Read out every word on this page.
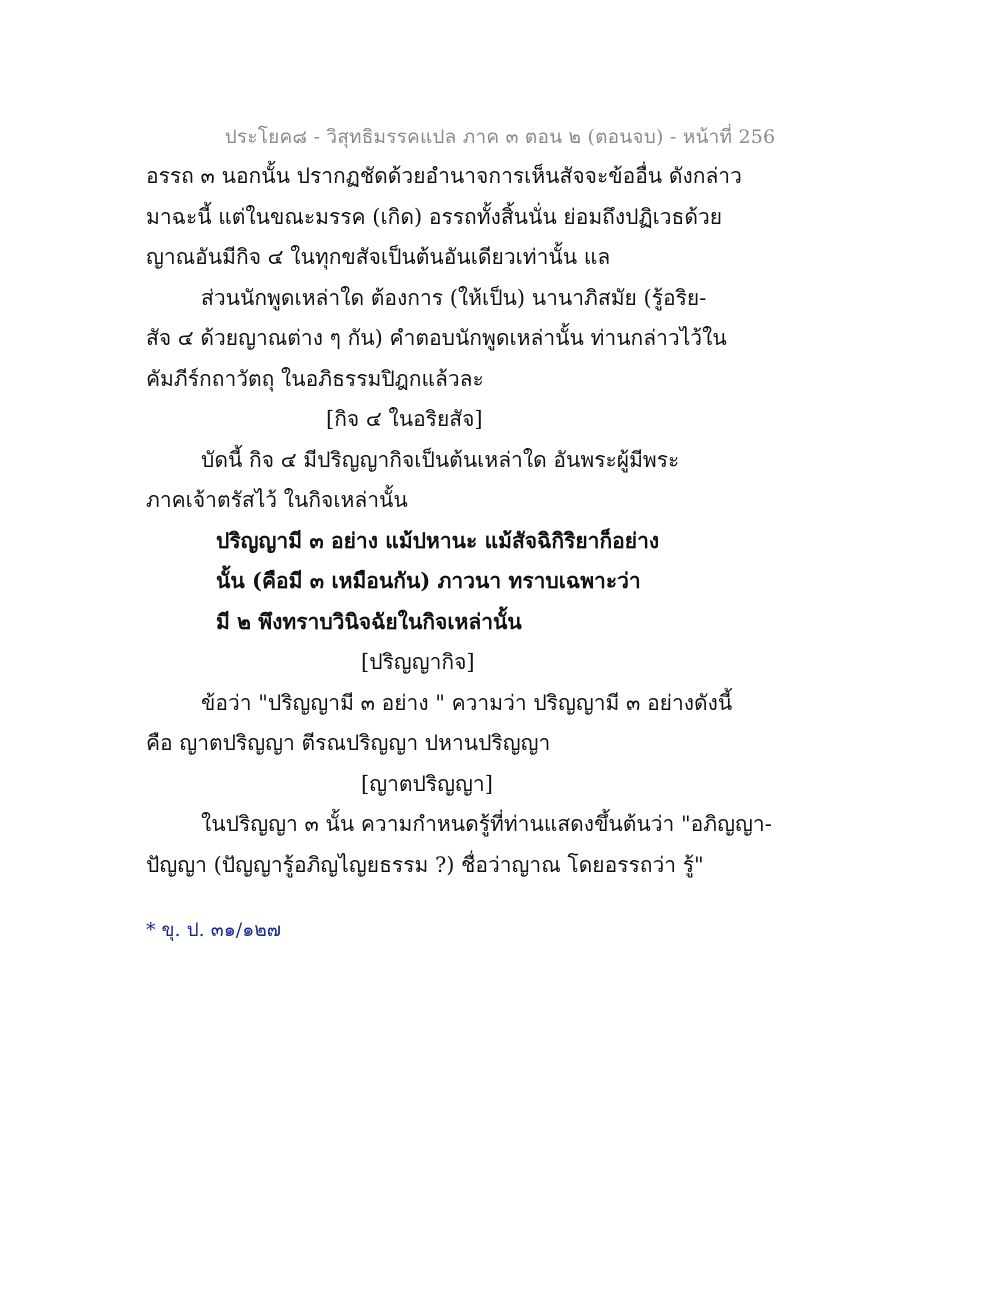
ประโยค๘ - วิสุทธิมรรคแปล ภาค ๓ ตอน ๒ (ตอนจบ) - หน้าที่ 256
อรรถ ๓ นอกนั้น ปรากฏชัดด้วยอำนาจการเห็นสัจจะข้ออื่น ดังกล่าว
มาฉะนี้ แต่ในขณะมรรค (เกิด) อรรถทั้งสิ้นนั่น ย่อมถึงปฏิเวธด้วย
ญาณอันมีกิจ ๔ ในทุกขสัจเป็นต้นอันเดียวเท่านั้น แล
ส่วนนักพูดเหล่าใด ต้องการ (ให้เป็น) นานาภิสมัย (รู้อริย-
สัจ ๔ ด้วยญาณต่าง ๆ กัน) คำตอบนักพูดเหล่านั้น ท่านกล่าวไว้ใน
คัมภีร์กถาวัตถุ ในอภิธรรมปิฎกแล้วละ
[กิจ ๔ ในอริยสัจ]
บัดนี้ กิจ ๔ มีปริญญากิจเป็นต้นเหล่าใด อันพระผู้มีพระ
ภาคเจ้าตรัสไว้ ในกิจเหล่านั้น
ปริญญามี ๓ อย่าง แม้ปหานะ แม้สัจฉิกิริยาก็อย่าง
นั้น (คือมี ๓ เหมือนกัน) ภาวนา ทราบเฉพาะว่า
มี ๒ พึงทราบวินิจฉัยในกิจเหล่านั้น
[ปริญญากิจ]
ข้อว่า "ปริญญามี ๓ อย่าง " ความว่า ปริญญามี ๓ อย่างดังนี้
คือ ญาตปริญญา ตีรณปริญญา ปหานปริญญา
[ญาตปริญญา]
ในปริญญา ๓ นั้น ความกำหนดรู้ที่ท่านแสดงขึ้นต้นว่า "อภิญญา-
ปัญญา (ปัญญารู้อภิญไญยธรรม ?) ชื่อว่าญาณ โดยอรรถว่า รู้"
* ขุ. ป. ๓๑/๑๒๗
